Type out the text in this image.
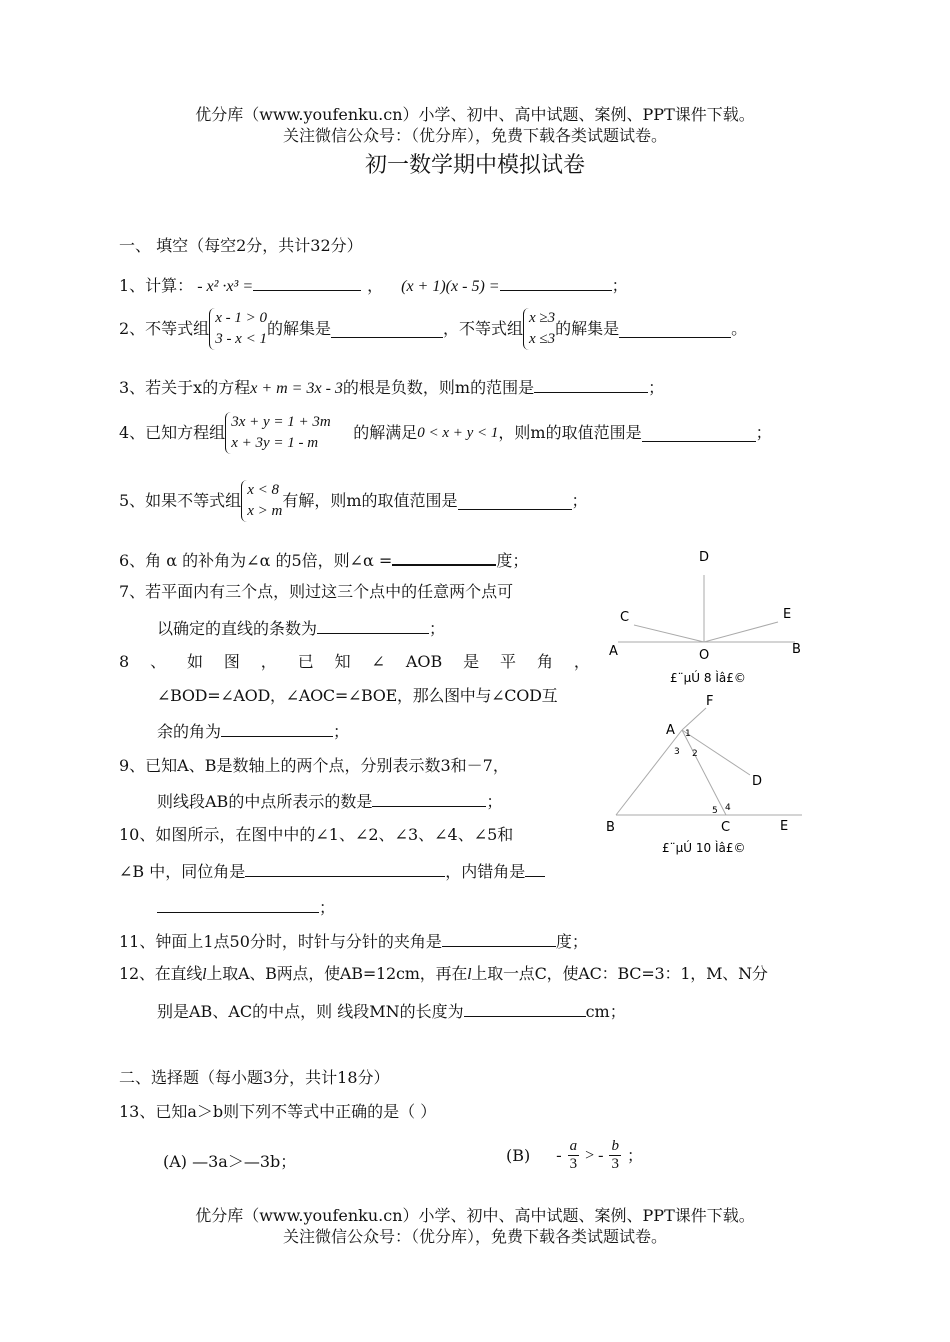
优分库（www.youfenku.cn）小学、初中、高中试题、案例、PPT课件下载。
关注微信公众号：（优分库），免费下载各类试题试卷。
初一数学期中模拟试卷
一、 填空（每空2分，共计32分）
1、计算： - x² ·x³ =	， (x + 1)(x - 5) =	；
2、不等式组
x - 1 > 0
3 - x < 1
的解集是	，不等式组
x ≥3
x ≤3
的解集是	。
3、若关于x的方程x + m = 3x - 3的根是负数，则m的范围是	；
4、已知方程组
3x + y = 1 + 3m
x + 3y = 1 - m
的解满足 0 < x + y < 1 ，则m的取值范围是	；
5、如果不等式组
x < 8
x > m
有解，则m的取值范围是	；
6、角 α 的补角为∠α 的5倍，则∠α =	度；
7、若平面内有三个点，则过这三个点中的任意两个点可
以确定的直线的条数为	；
8 、 如 图 ， 已 知 ∠ AOB 是 平 角 ，
∠BOD=∠AOD，∠AOC=∠BOE，那么图中与∠COD互
余的角为	；
9、已知A、B是数轴上的两个点，分别表示数3和－7，
则线段AB的中点所表示的数是	；
10、如图所示，在图中中的∠1、∠2、∠3、∠4、∠5和
∠B 中，同位角是	，内错角是
；
11、钟面上1点50分时，时针与分针的夹角是	度；
12、在直线l上取A、B两点，使AB=12cm，再在l上取一点C，使AC：BC=3：1，M、N分
别是AB、AC的中点，则 线段MN的长度为	cm；
二、选择题（每小题3分，共计18分）
13、已知a＞b则下列不等式中正确的是（ ）
(A) —3a＞—3b；	$(B) - \frac{a}{3}$ > - $\frac{b}{3}$ ；
D
C	E
A	O	B
£¨µÚ 8 Ìâ£©
F
A 1
2
3
D
4
5
B	C	E
£¨µÚ 10 Ìâ£©
优分库（www.youfenku.cn）小学、初中、高中试题、案例、PPT课件下载。
关注微信公众号：（优分库），免费下载各类试题试卷。
